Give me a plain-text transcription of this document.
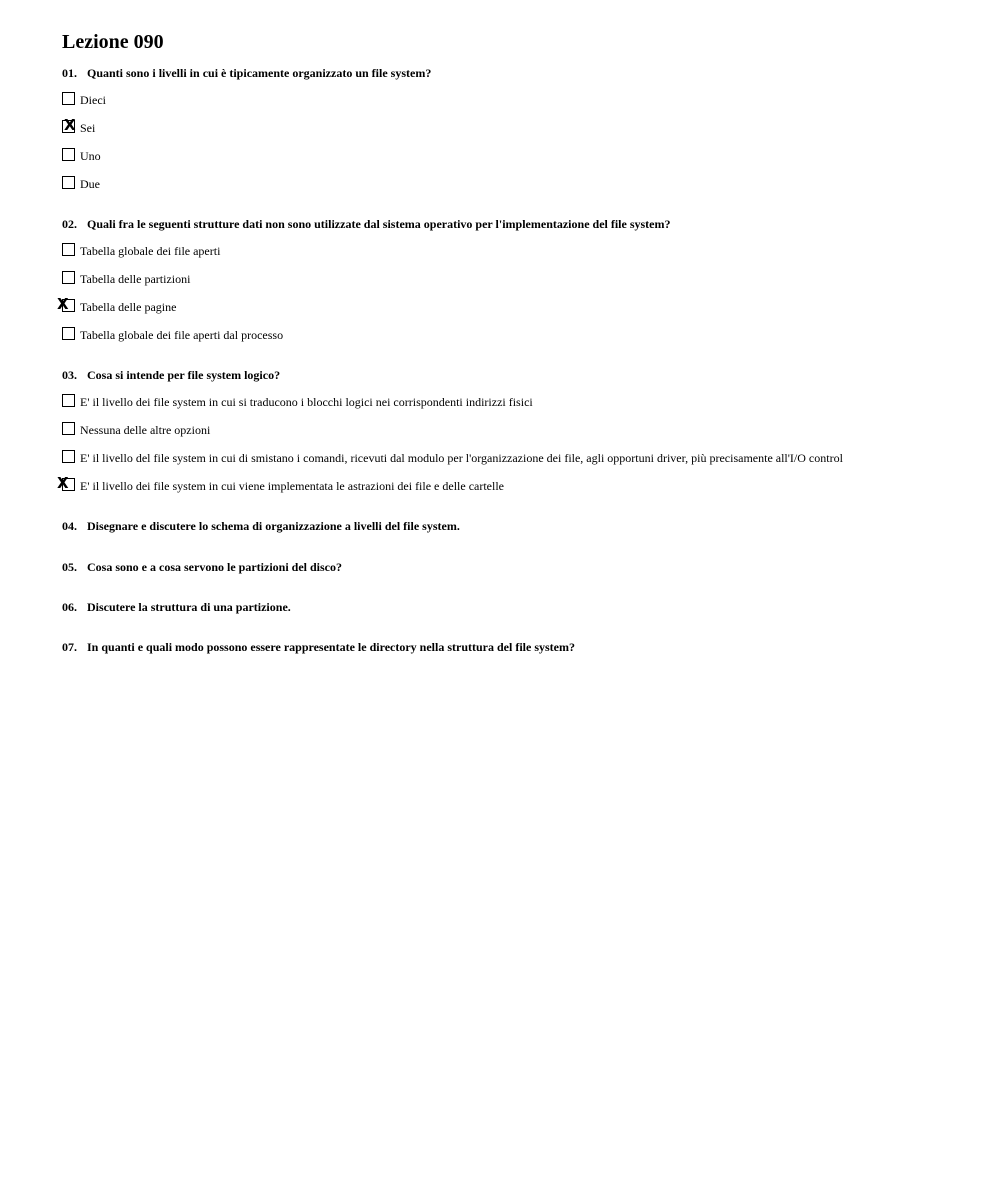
Lezione 090
01. Quanti sono i livelli in cui è tipicamente organizzato un file system?
Dieci
X Sei
Uno
Due
02. Quali fra le seguenti strutture dati non sono utilizzate dal sistema operativo per l'implementazione del file system?
Tabella globale dei file aperti
Tabella delle partizioni
X Tabella delle pagine
Tabella globale dei file aperti dal processo
03. Cosa si intende per file system logico?
E' il livello dei file system in cui si traducono i blocchi logici nei corrispondenti indirizzi fisici
Nessuna delle altre opzioni
E' il livello del file system in cui di smistano i comandi, ricevuti dal modulo per l'organizzazione dei file, agli opportuni driver, più precisamente all'I/O control
X E' il livello dei file system in cui viene implementata le astrazioni dei file e delle cartelle
04. Disegnare e discutere lo schema di organizzazione a livelli del file system.
05. Cosa sono e a cosa servono le partizioni del disco?
06. Discutere la struttura di una partizione.
07. In quanti e quali modo possono essere rappresentate le directory nella struttura del file system?
